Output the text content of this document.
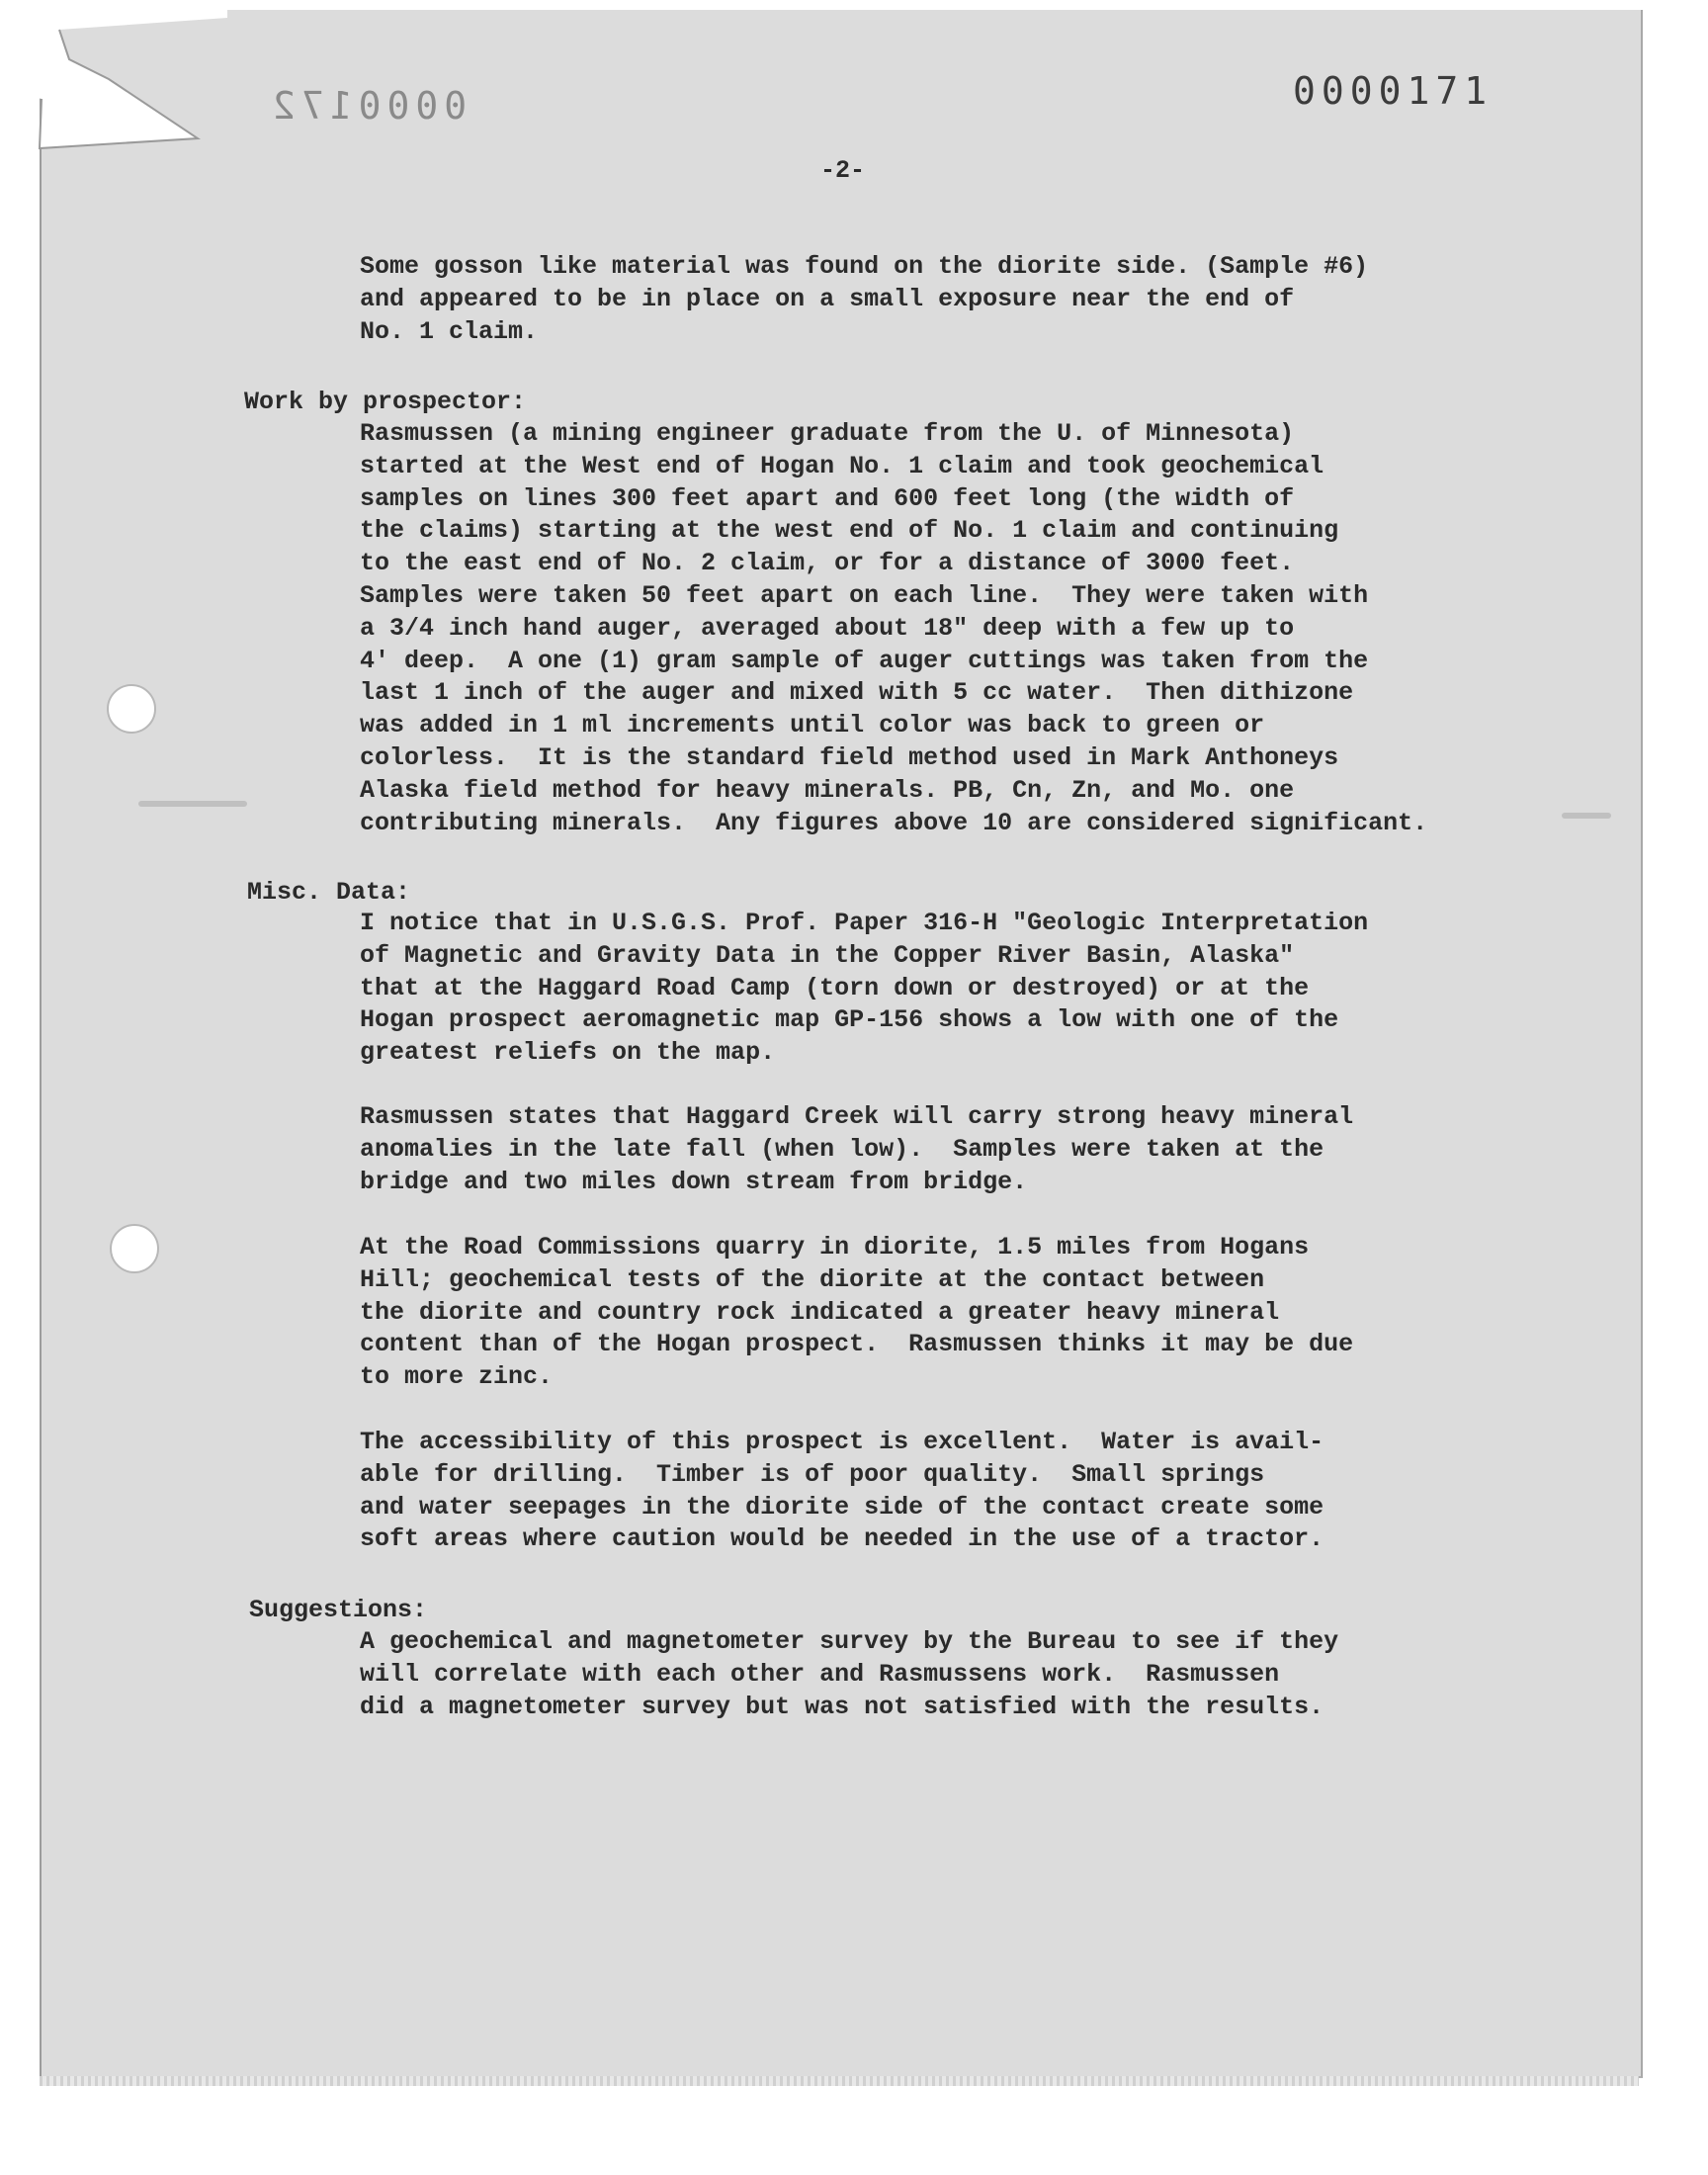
0000172	0000171
-2-
Some gosson like material was found on the diorite side. (Sample #6)
and appeared to be in place on a small exposure near the end of
No. 1 claim.
Work by prospector:
Rasmussen (a mining engineer graduate from the U. of Minnesota)
started at the West end of Hogan No. 1 claim and took geochemical
samples on lines 300 feet apart and 600 feet long (the width of
the claims) starting at the west end of No. 1 claim and continuing
to the east end of No. 2 claim, or for a distance of 3000 feet.
Samples were taken 50 feet apart on each line.  They were taken with
a 3/4 inch hand auger, averaged about 18" deep with a few up to
4' deep.  A one (1) gram sample of auger cuttings was taken from the
last 1 inch of the auger and mixed with 5 cc water.  Then dithizone
was added in 1 ml increments until color was back to green or
colorless.  It is the standard field method used in Mark Anthoneys
Alaska field method for heavy minerals. PB, Cn, Zn, and Mo. one
contributing minerals.  Any figures above 10 are considered significant.
Misc. Data:
I notice that in U.S.G.S. Prof. Paper 316-H "Geologic Interpretation
of Magnetic and Gravity Data in the Copper River Basin, Alaska"
that at the Haggard Road Camp (torn down or destroyed) or at the
Hogan prospect aeromagnetic map GP-156 shows a low with one of the
greatest reliefs on the map.
Rasmussen states that Haggard Creek will carry strong heavy mineral
anomalies in the late fall (when low).  Samples were taken at the
bridge and two miles down stream from bridge.
At the Road Commissions quarry in diorite, 1.5 miles from Hogans
Hill; geochemical tests of the diorite at the contact between
the diorite and country rock indicated a greater heavy mineral
content than of the Hogan prospect.  Rasmussen thinks it may be due
to more zinc.
The accessibility of this prospect is excellent.  Water is avail-
able for drilling.  Timber is of poor quality.  Small springs
and water seepages in the diorite side of the contact create some
soft areas where caution would be needed in the use of a tractor.
Suggestions:
A geochemical and magnetometer survey by the Bureau to see if they
will correlate with each other and Rasmussens work.  Rasmussen
did a magnetometer survey but was not satisfied with the results.
